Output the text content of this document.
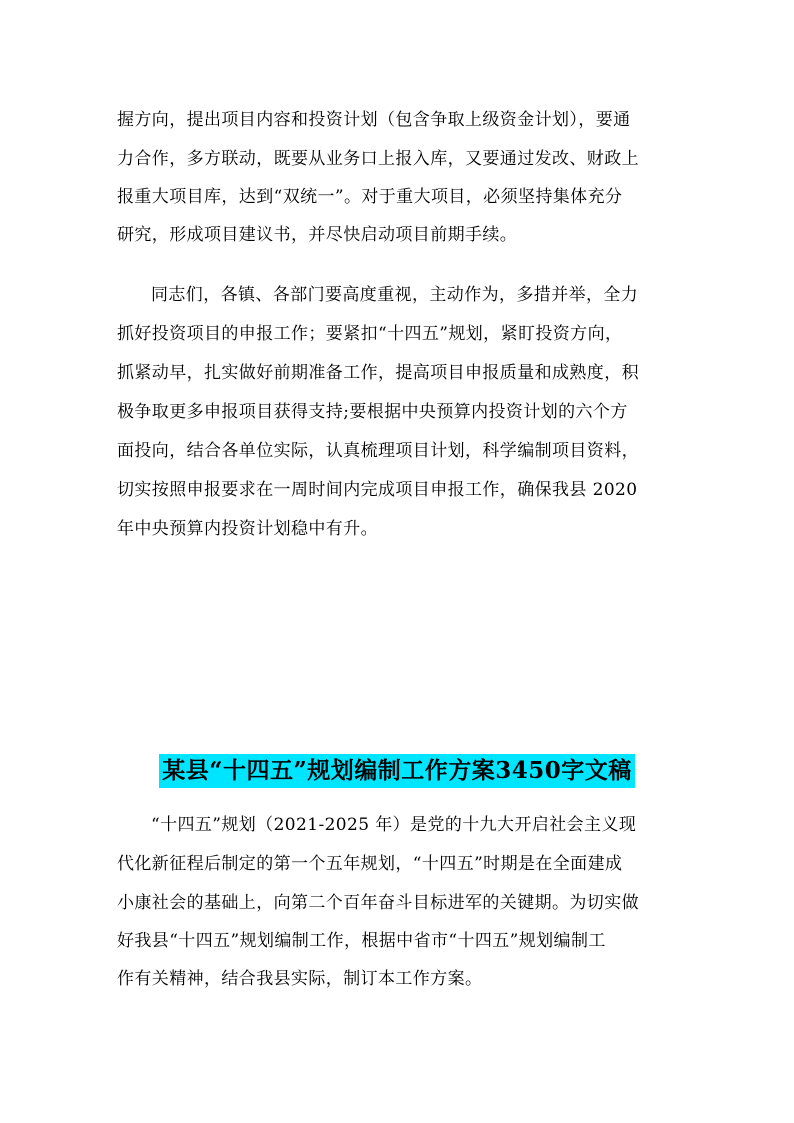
握方向，提出项目内容和投资计划（包含争取上级资金计划），要通
力合作，多方联动，既要从业务口上报入库，又要通过发改、财政上
报重大项目库，达到“双统一”。对于重大项目，必须坚持集体充分
研究，形成项目建议书，并尽快启动项目前期手续。
同志们，各镇、各部门要高度重视，主动作为，多措并举，全力
抓好投资项目的申报工作；要紧扣“十四五”规划，紧盯投资方向，
抓紧动早，扎实做好前期准备工作，提高项目申报质量和成熟度，积
极争取更多申报项目获得支持;要根据中央预算内投资计划的六个方
面投向，结合各单位实际，认真梳理项目计划，科学编制项目资料，
切实按照申报要求在一周时间内完成项目申报工作，确保我县 2020
年中央预算内投资计划稳中有升。
某县“十四五”规划编制工作方案3450字文稿
“十四五”规划（2021-2025 年）是党的十九大开启社会主义现
代化新征程后制定的第一个五年规划，“十四五”时期是在全面建成
小康社会的基础上，向第二个百年奋斗目标进军的关键期。为切实做
好我县“十四五”规划编制工作，根据中省市“十四五”规划编制工
作有关精神，结合我县实际，制订本工作方案。
